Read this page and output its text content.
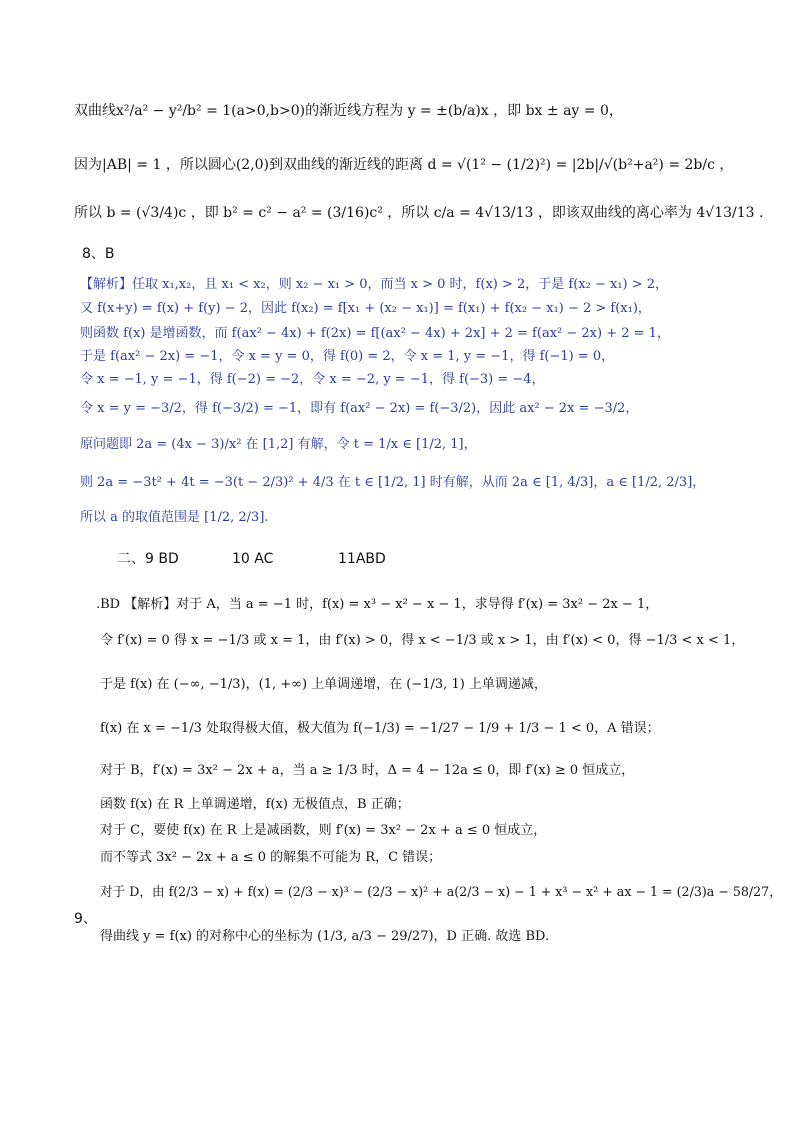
双曲线x²/a² − y²/b² = 1(a>0,b>0)的渐近线方程为 y = ±(b/a)x ，即 bx ± ay = 0，
因为|AB| = 1 ，所以圆心(2,0)到双曲线的渐近线的距离 d = √(1² − (1/2)²) = |2b|/√(b²+a²) = 2b/c ，
所以 b = (√3/4)c ，即 b² = c² − a² = (3/16)c² ，所以 c/a = 4√13/13 ，即该双曲线的离心率为 4√13/13 .
8、B
【解析】任取 x₁,x₂，且 x₁ < x₂，则 x₂ − x₁ > 0，而当 x > 0 时，f(x) > 2，于是 f(x₂ − x₁) > 2，
又 f(x+y) = f(x) + f(y) − 2，因此 f(x₂) = f[x₁ + (x₂ − x₁)] = f(x₁) + f(x₂ − x₁) − 2 > f(x₁)，
则函数 f(x) 是增函数，而 f(ax² − 4x) + f(2x) = f[(ax² − 4x) + 2x] + 2 = f(ax² − 2x) + 2 = 1，
于是 f(ax² − 2x) = −1，令 x = y = 0，得 f(0) = 2，令 x = 1, y = −1，得 f(−1) = 0，
令 x = −1, y = −1，得 f(−2) = −2，令 x = −2, y = −1，得 f(−3) = −4，
令 x = y = −3/2，得 f(−3/2) = −1，即有 f(ax² − 2x) = f(−3/2)，因此 ax² − 2x = −3/2，
原问题即 2a = (4x − 3)/x² 在 [1,2] 有解，令 t = 1/x ∈ [1/2, 1]，
则 2a = −3t² + 4t = −3(t − 2/3)² + 4/3 在 t ∈ [1/2, 1] 时有解，从而 2a ∈ [1, 4/3]，a ∈ [1/2, 2/3]，
所以 a 的取值范围是 [1/2, 2/3].
二、9 BD	10 AC	11ABD
.BD 【解析】对于 A，当 a = −1 时，f(x) = x³ − x² − x − 1，求导得 f′(x) = 3x² − 2x − 1，
令 f′(x) = 0 得 x = −1/3 或 x = 1，由 f′(x) > 0，得 x < −1/3 或 x > 1，由 f′(x) < 0，得 −1/3 < x < 1，
于是 f(x) 在 (−∞, −1/3)，(1, +∞) 上单调递增，在 (−1/3, 1) 上单调递减，
f(x) 在 x = −1/3 处取得极大值，极大值为 f(−1/3) = −1/27 − 1/9 + 1/3 − 1 < 0，A 错误；
对于 B，f′(x) = 3x² − 2x + a，当 a ≥ 1/3 时，Δ = 4 − 12a ≤ 0，即 f′(x) ≥ 0 恒成立，
函数 f(x) 在 R 上单调递增，f(x) 无极值点，B 正确；
对于 C，要使 f(x) 在 R 上是减函数，则 f′(x) = 3x² − 2x + a ≤ 0 恒成立，
而不等式 3x² − 2x + a ≤ 0 的解集不可能为 R，C 错误；
对于 D，由 f(2/3 − x) + f(x) = (2/3 − x)³ − (2/3 − x)² + a(2/3 − x) − 1 + x³ − x² + ax − 1 = (2/3)a − 58/27，
9、
得曲线 y = f(x) 的对称中心的坐标为 (1/3, a/3 − 29/27)，D 正确. 故选 BD.
